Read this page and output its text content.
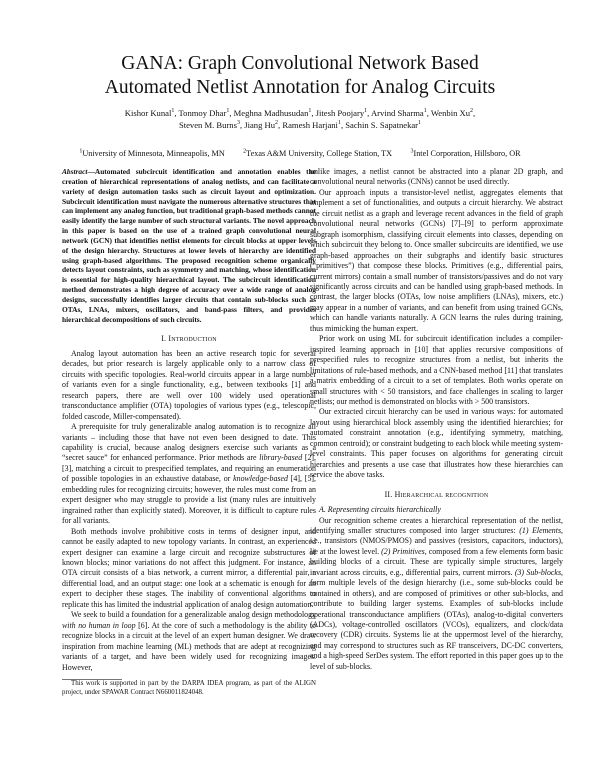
GANA: Graph Convolutional Network Based
Automated Netlist Annotation for Analog Circuits
Kishor Kunal$^1$, Tonmoy Dhar$^1$, Meghna Madhusudan$^1$, Jitesh Poojary$^1$, Arvind Sharma$^1$, Wenbin Xu$^2$,
Steven M. Burns$^3$, Jiang Hu$^2$, Ramesh Harjani$^1$, Sachin S. Sapatnekar$^1$
$^1$University of Minnesota, Minneapolis, MN	$^2$Texas A&M University, College Station, TX	$^3$Intel Corporation, Hillsboro, OR

Abstract—Automated subcircuit identification and annotation enables the creation of hierarchical representations of analog netlists, and can facilitate a variety of design automation tasks such as circuit layout and optimization. Subcircuit identification must navigate the numerous alternative structures that can implement any analog function, but traditional graph-based methods cannot easily identify the large number of such structural variants. The novel approach in this paper is based on the use of a trained graph convolutional neural network (GCN) that identifies netlist elements for circuit blocks at upper levels of the design hierarchy. Structures at lower levels of hierarchy are identified using graph-based algorithms. The proposed recognition scheme organically detects layout constraints, such as symmetry and matching, whose identification is essential for high-quality hierarchical layout. The subcircuit identification method demonstrates a high degree of accuracy over a wide range of analog designs, successfully identifies larger circuits that contain sub-blocks such as OTAs, LNAs, mixers, oscillators, and band-pass filters, and provides hierarchical decompositions of such circuits.

I. Introduction

Analog layout automation has been an active research topic for several decades, but prior research is largely applicable only to a narrow class of circuits with specific topologies. Real-world circuits appear in a large number of variants even for a single functionality, e.g., between textbooks [1] and research papers, there are well over 100 widely used operational transconductance amplifier (OTA) topologies of various types (e.g., telescopic, folded cascode, Miller-compensated).

A prerequisite for truly generalizable analog automation is to recognize all variants – including those that have not even been designed to date. This capability is crucial, because analog designers exercise such variants as a “secret sauce” for enhanced performance. Prior methods are library-based [2], [3], matching a circuit to prespecified templates, and requiring an enumeration of possible topologies in an exhaustive database, or knowledge-based [4], [5], embedding rules for recognizing circuits; however, the rules must come from an expert designer who may struggle to provide a list (many rules are intuitively ingrained rather than explicitly stated). Moreover, it is difficult to capture rules for all variants.

Both methods involve prohibitive costs in terms of designer input, and cannot be easily adapted to new topology variants. In contrast, an experienced expert designer can examine a large circuit and recognize substructures of known blocks; minor variations do not affect this judgment. For instance, an OTA circuit consists of a bias network, a current mirror, a differential pair, a differential load, and an output stage: one look at a schematic is enough for an expert to decipher these stages. The inability of conventional algorithms to replicate this has limited the industrial application of analog design automation.

We seek to build a foundation for a generalizable analog design methodology with no human in loop [6]. At the core of such a methodology is the ability to recognize blocks in a circuit at the level of an expert human designer. We draw inspiration from machine learning (ML) methods that are adept at recognizing variants of a target, and have been widely used for recognizing images. However,

This work is supported in part by the DARPA IDEA program, as part of the ALIGN project, under SPAWAR Contract N660011824048.

unlike images, a netlist cannot be abstracted into a planar 2D graph, and convolutional neural networks (CNNs) cannot be used directly.

Our approach inputs a transistor-level netlist, aggregates elements that implement a set of functionalities, and outputs a circuit hierarchy. We abstract the circuit netlist as a graph and leverage recent advances in the field of graph convolutional neural networks (GCNs) [7]–[9] to perform approximate subgraph isomorphism, classifying circuit elements into classes, depending on which subcircuit they belong to. Once smaller subcircuits are identified, we use graph-based approaches on their subgraphs and identify basic structures (“primitives”) that compose these blocks. Primitives (e.g., differential pairs, current mirrors) contain a small number of transistors/passives and do not vary significantly across circuits and can be handled using graph-based methods. In contrast, the larger blocks (OTAs, low noise amplifiers (LNAs), mixers, etc.) may appear in a number of variants, and can benefit from using trained GCNs, which can handle variants naturally. A GCN learns the rules during training, thus mimicking the human expert.

Prior work on using ML for subcircuit identification includes a compiler-inspired learning approach in [10] that applies recursive compositions of prespecified rules to recognize structures from a netlist, but inherits the limitations of rule-based methods, and a CNN-based method [11] that translates a matrix embedding of a circuit to a set of templates. Both works operate on small structures with < 50 transistors, and face challenges in scaling to larger netlists; our method is demonstrated on blocks with > 500 transistors.

Our extracted circuit hierarchy can be used in various ways: for automated layout using hierarchical block assembly using the identified hierarchies; for automated constraint annotation (e.g., identifying symmetry, matching, common centroid); or constraint budgeting to each block while meeting system-level constraints. This paper focuses on algorithms for generating circuit hierarchies and presents a use case that illustrates how these hierarchies can service the above tasks.

II. Hierarchical recognition

A. Representing circuits hierarchically

Our recognition scheme creates a hierarchical representation of the netlist, identifying smaller structures composed into larger structures: (1) Elements, i.e., transistors (NMOS/PMOS) and passives (resistors, capacitors, inductors), lie at the lowest level. (2) Primitives, composed from a few elements form basic building blocks of a circuit. These are typically simple structures, largely invariant across circuits, e.g., differential pairs, current mirrors. (3) Sub-blocks, form multiple levels of the design hierarchy (i.e., some sub-blocks could be contained in others), and are composed of primitives or other sub-blocks, and contribute to building larger systems. Examples of sub-blocks include operational transconductance amplifiers (OTAs), analog-to-digital converters (ADCs), voltage-controlled oscillators (VCOs), equalizers, and clock/data recovery (CDR) circuits. Systems lie at the uppermost level of the hierarchy, and may correspond to structures such as RF transceivers, DC-DC converters, and a high-speed SerDes system. The effort reported in this paper goes up to the level of sub-blocks.
